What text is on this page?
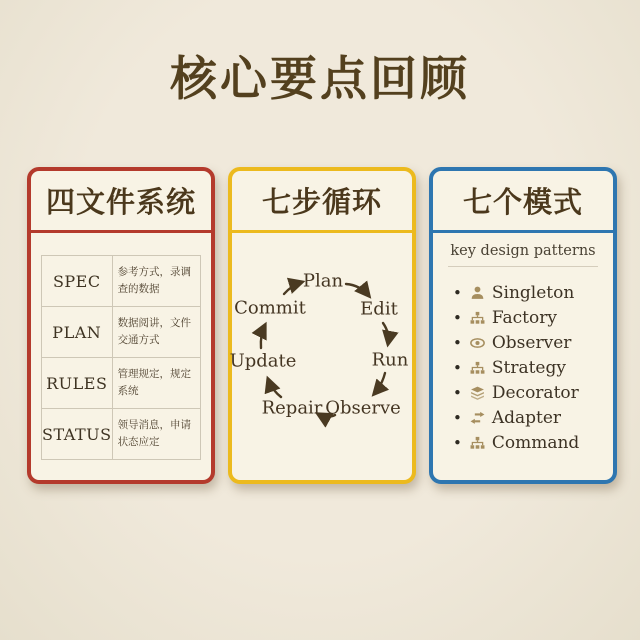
核心要点回顾
四文件系统
SPEC	参考方式，录调查的数据
PLAN	数据阅讲，文件交通方式
RULES	管理规定，规定系统
STATUS	领导消息，申请状态应定
七步循环
Plan
Edit
Run
Observe
Repair
Update
Commit
七个模式
key design patterns
• Singleton
• Factory
• Observer
• Strategy
• Decorator
• Adapter
• Command
